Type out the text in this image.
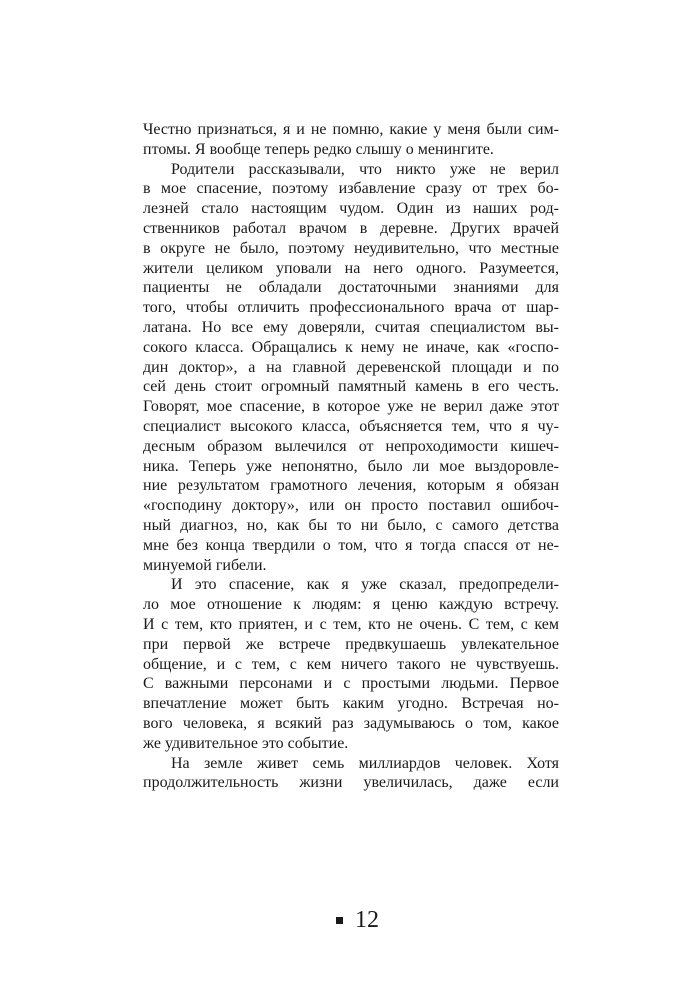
Честно признаться, я и не помню, какие у меня были сим-
птомы. Я вообще теперь редко слышу о менингите.
Родители рассказывали, что никто уже не верил
в мое спасение, поэтому избавление сразу от трех бо-
лезней стало настоящим чудом. Один из наших род-
ственников работал врачом в деревне. Других врачей
в округе не было, поэтому неудивительно, что местные
жители целиком уповали на него одного. Разумеется,
пациенты не обладали достаточными знаниями для
того, чтобы отличить профессионального врача от шар-
латана. Но все ему доверяли, считая специалистом вы-
сокого класса. Обращались к нему не иначе, как «госпо-
дин доктор», а на главной деревенской площади и по
сей день стоит огромный памятный камень в его честь.
Говорят, мое спасение, в которое уже не верил даже этот
специалист высокого класса, объясняется тем, что я чу-
десным образом вылечился от непроходимости кишеч-
ника. Теперь уже непонятно, было ли мое выздоровле-
ние результатом грамотного лечения, которым я обязан
«господину доктору», или он просто поставил ошибоч-
ный диагноз, но, как бы то ни было, с самого детства
мне без конца твердили о том, что я тогда спасся от не-
минуемой гибели.
И это спасение, как я уже сказал, предопредели-
ло мое отношение к людям: я ценю каждую встречу.
И с тем, кто приятен, и с тем, кто не очень. С тем, с кем
при первой же встрече предвкушаешь увлекательное
общение, и с тем, с кем ничего такого не чувствуешь.
С важными персонами и с простыми людьми. Первое
впечатление может быть каким угодно. Встречая но-
вого человека, я всякий раз задумываюсь о том, какое
же удивительное это событие.
На земле живет семь миллиардов человек. Хотя
продолжительность жизни увеличилась, даже если
12
